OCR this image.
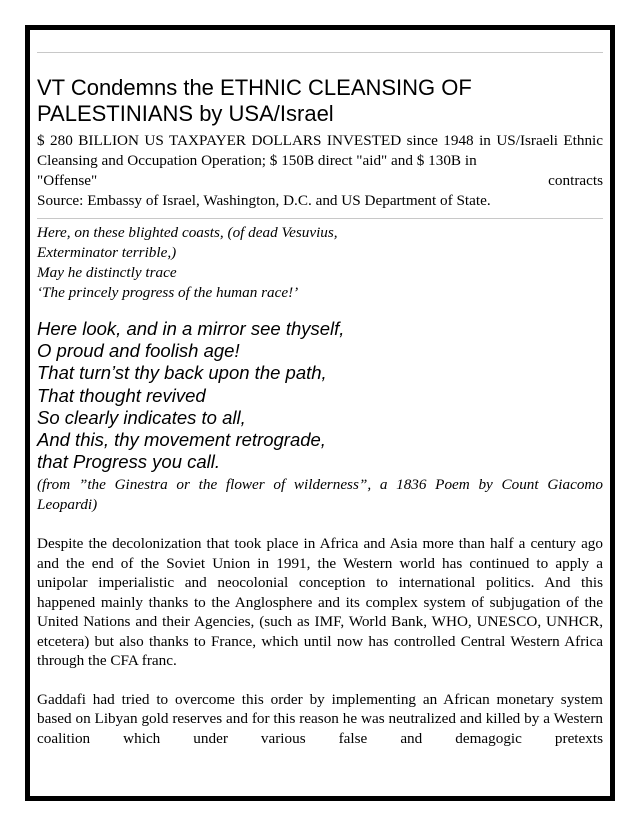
VT Condemns the ETHNIC CLEANSING OF PALESTINIANS by USA/Israel

$ 280 BILLION US TAXPAYER DOLLARS INVESTED since 1948 in US/Israeli Ethnic Cleansing and Occupation Operation; $ 150B direct "aid" and $ 130B in

"Offense"	contracts

Source: Embassy of Israel, Washington, D.C. and US Department of State.

Here, on these blighted coasts, (of dead Vesuvius,
Exterminator terrible,)
May he distinctly trace
‘The princely progress of the human race!’
Here look, and in a mirror see thyself,
O proud and foolish age!
That turn’st thy back upon the path,
That thought revived
So clearly indicates to all,
And this, thy movement retrograde,
that Progress you call.

(from ”the Ginestra or the flower of wilderness”, a 1836 Poem by Count Giacomo Leopardi)

Despite the decolonization that took place in Africa and Asia more than half a century ago and the end of the Soviet Union in 1991, the Western world has continued to apply a unipolar imperialistic and neocolonial conception to international politics. And this happened mainly thanks to the Anglosphere and its complex system of subjugation of the United Nations and their Agencies, (such as IMF, World Bank, WHO, UNESCO, UNHCR, etcetera) but also thanks to France, which until now has controlled Central Western Africa through the CFA franc.

Gaddafi had tried to overcome this order by implementing an African monetary system based on Libyan gold reserves and for this reason he was neutralized and killed by a Western coalition which under various false and demagogic pretexts
